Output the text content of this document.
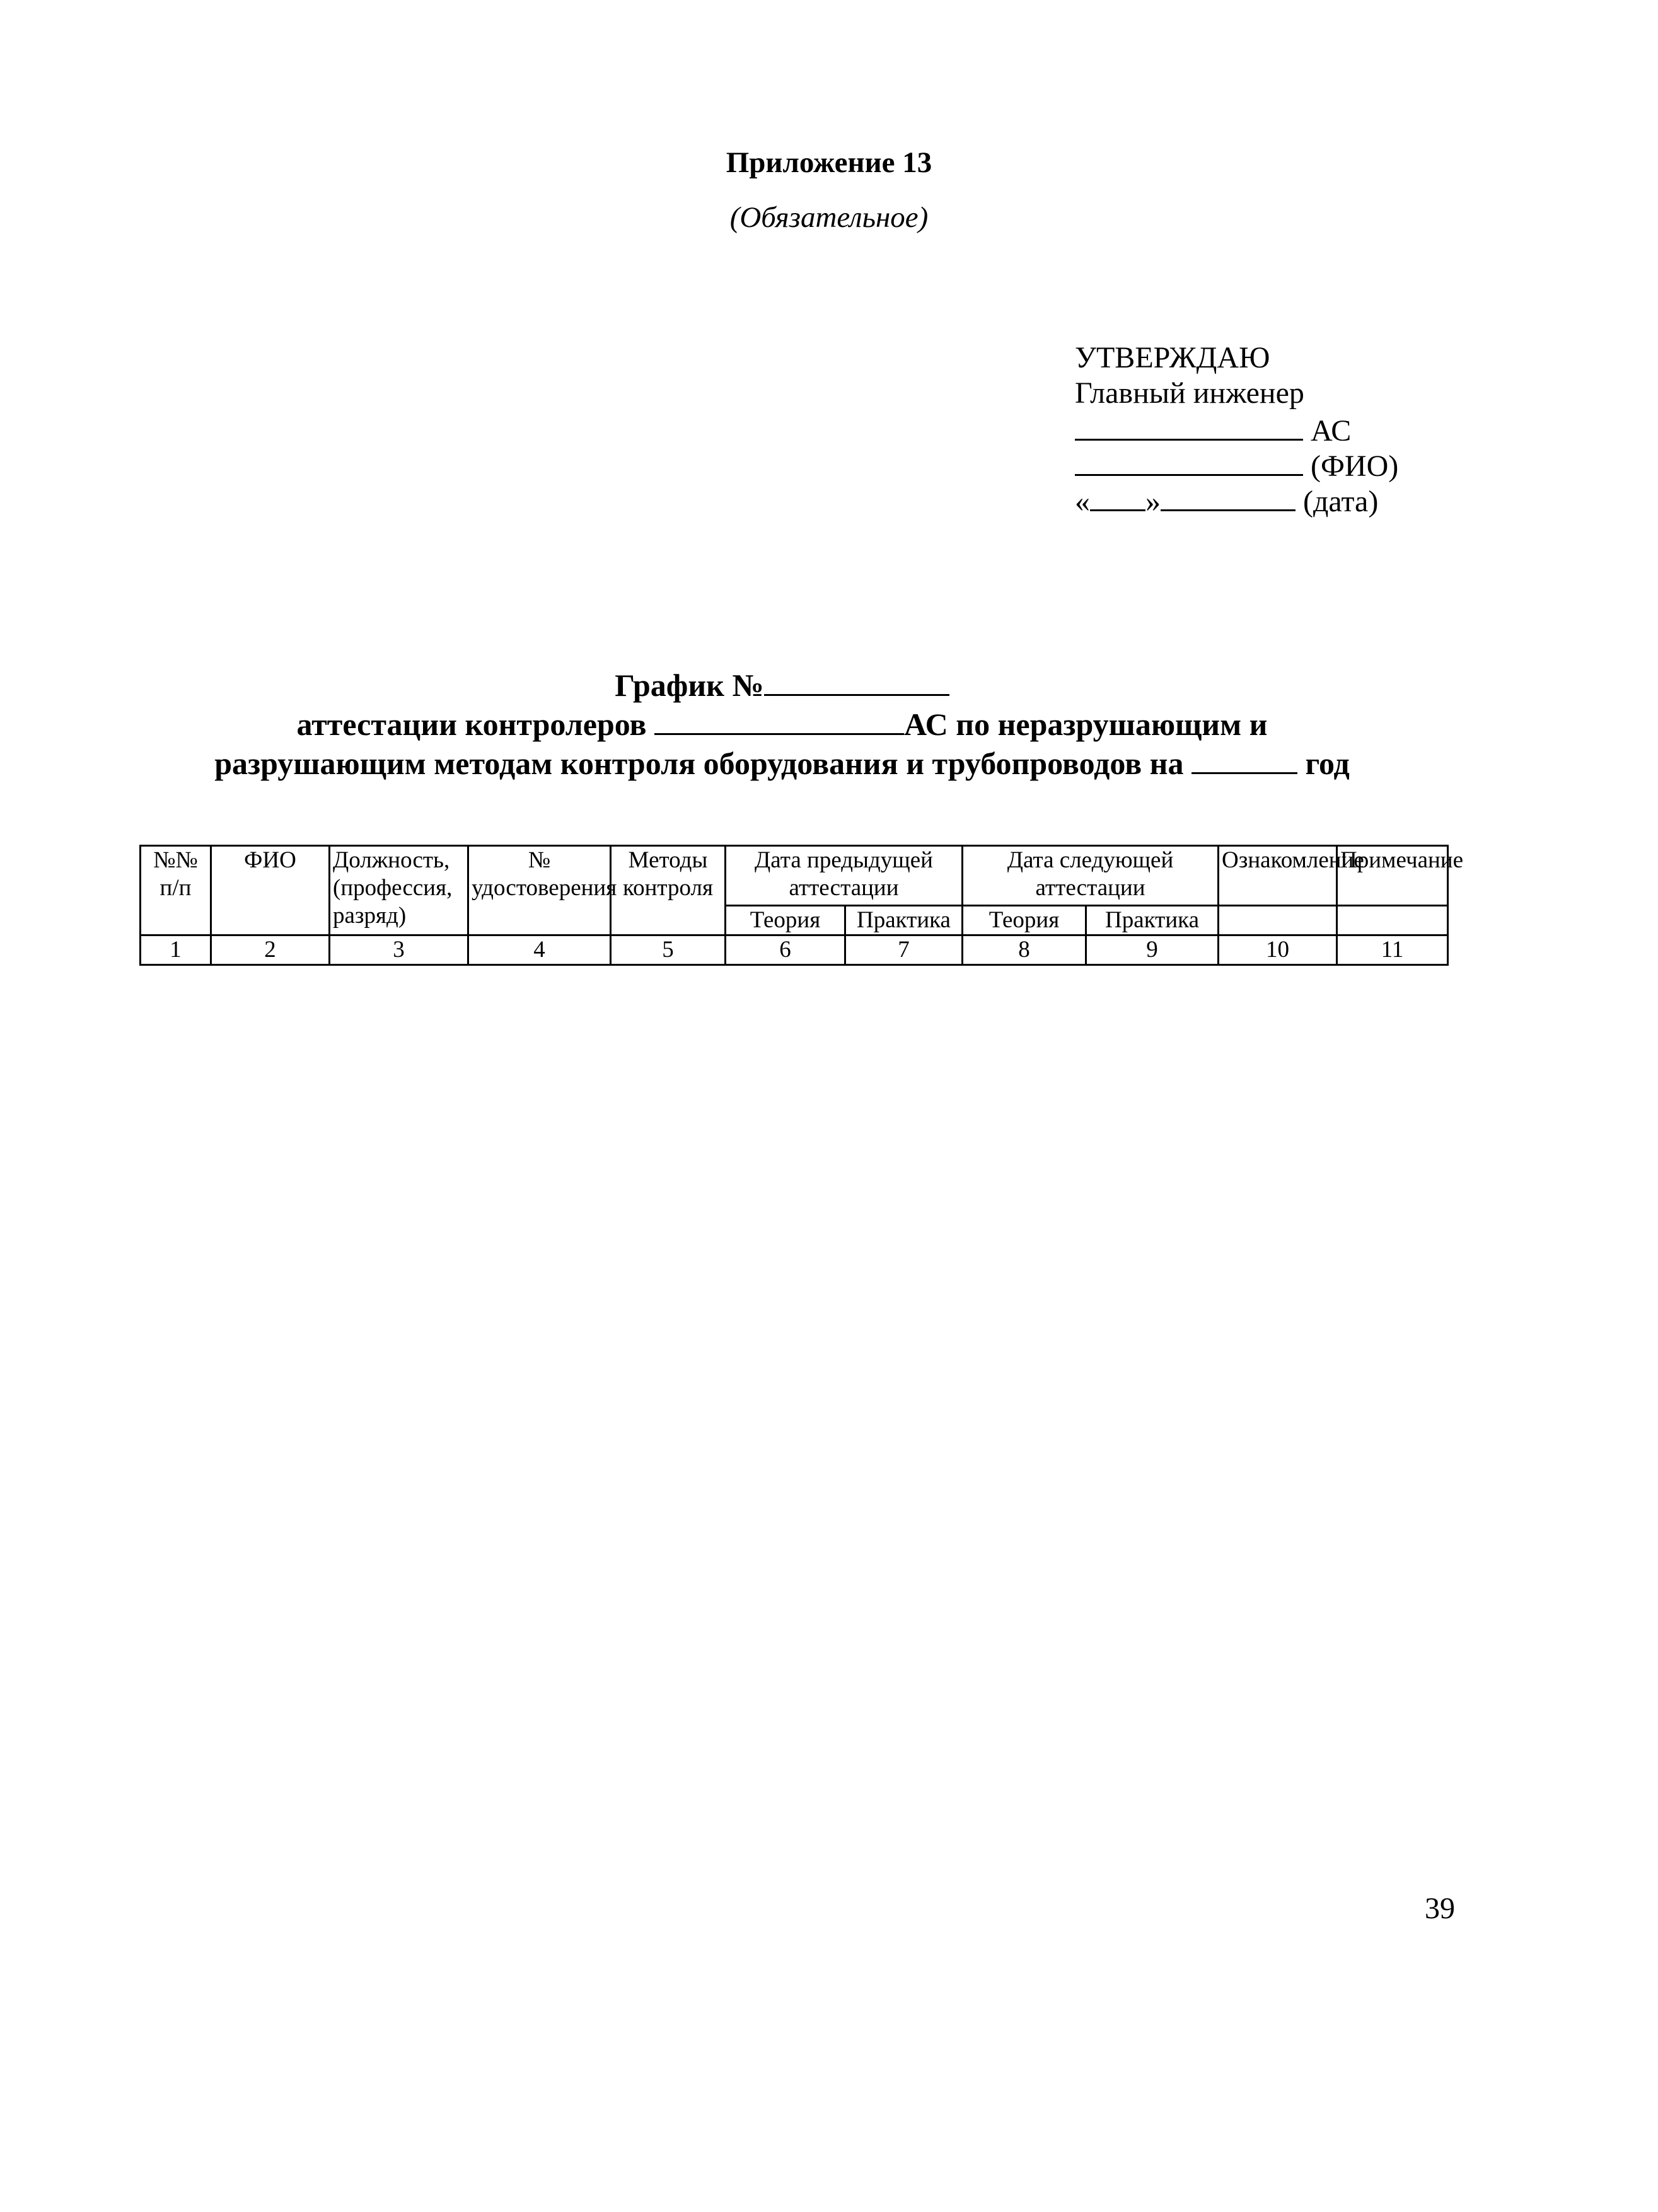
Приложение 13
(Обязательное)
УТВЕРЖДАЮ
Главный инженер
АС
(ФИО)
« »	(дата)
График №
аттестации контролеров	АС по неразрушающим и
разрушающим методам контроля оборудования и трубопроводов на	год
№№ п/п	ФИО	Должность, (профессия, разряд)	№ удостоверения	Методы контроля	Дата предыдущей аттестации		Дата следующей аттестации		Ознакомление	Примечание
					Теория	Практика	Теория	Практика		
1	2	3	4	5	6	7	8	9	10	11
39
